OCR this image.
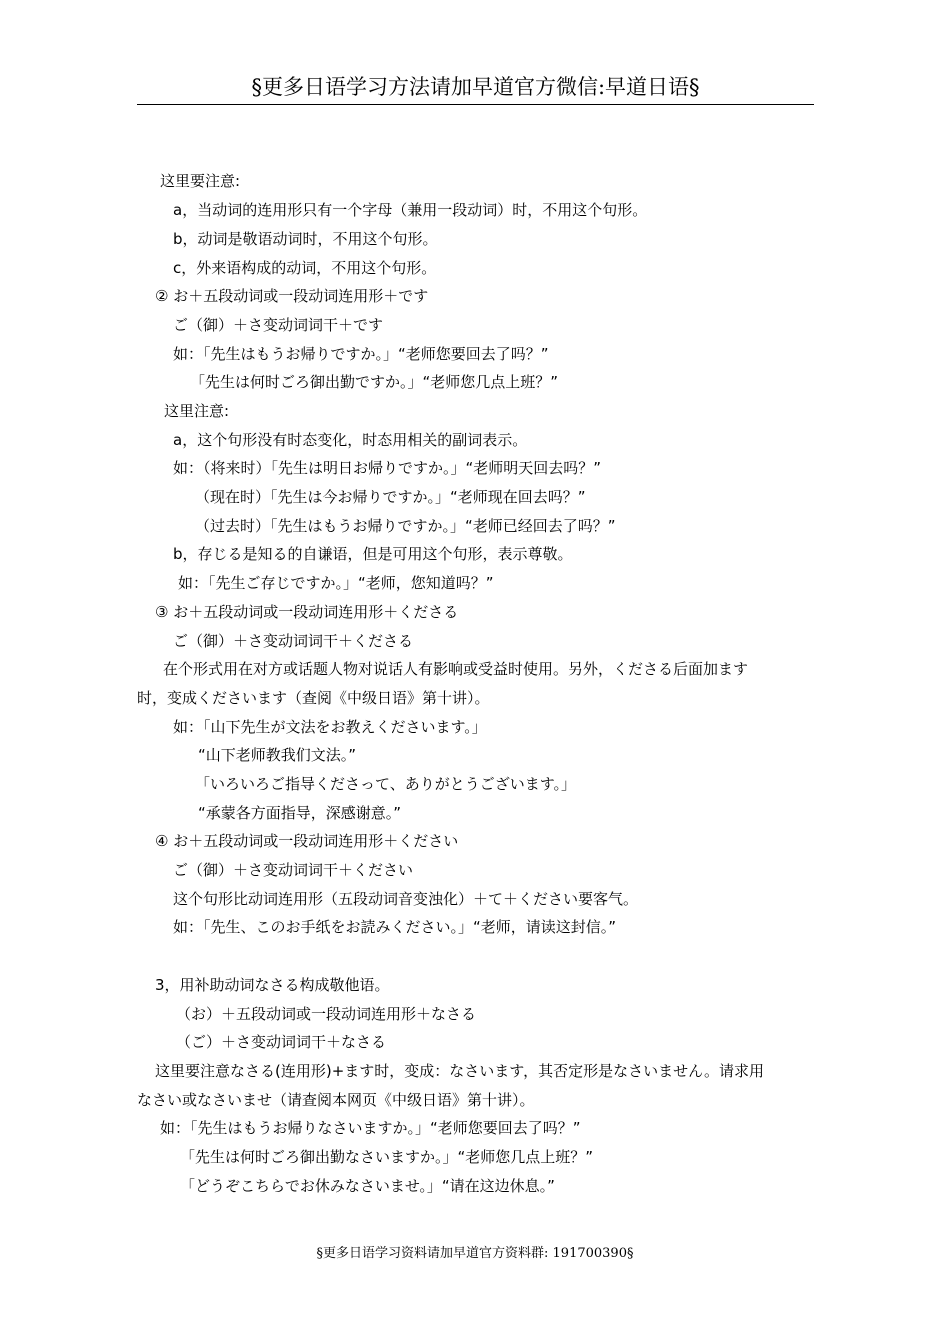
§更多日语学习方法请加早道官方微信:早道日语§
这里要注意:
a，当动词的连用形只有一个字母（兼用一段动词）时，不用这个句形。
b，动词是敬语动词时，不用这个句形。
c，外来语构成的动词，不用这个句形。
② お＋五段动词或一段动词连用形＋です
ご（御）＋さ变动词词干＋です
如：「先生はもうお帰りですか。」“老师您要回去了吗？”
「先生は何时ごろ御出勤ですか。」“老师您几点上班？”
这里注意:
a，这个句形没有时态变化，时态用相关的副词表示。
如：（将来时）「先生は明日お帰りですか。」“老师明天回去吗？”
（现在时）「先生は今お帰りですか。」“老师现在回去吗？”
（过去时）「先生はもうお帰りですか。」“老师已经回去了吗？”
b，存じる是知る的自谦语，但是可用这个句形，表示尊敬。
如：「先生ご存じですか。」“老师，您知道吗？”
③ お＋五段动词或一段动词连用形＋くださる
ご（御）＋さ变动词词干＋くださる
在个形式用在对方或话题人物对说话人有影响或受益时使用。另外，くださる后面加ます
时，变成くださいます（查阅《中级日语》第十讲）。
如：「山下先生が文法をお教えくださいます。」
“山下老师教我们文法。”
「いろいろご指导くださって、ありがとうございます。」
“承蒙各方面指导，深感谢意。”
④ お＋五段动词或一段动词连用形＋ください
ご（御）＋さ变动词词干＋ください
这个句形比动词连用形（五段动词音变浊化）＋て＋ください要客气。
如：「先生、このお手纸をお読みください。」“老师，请读这封信。”
3，用补助动词なさる构成敬他语。
（お）＋五段动词或一段动词连用形＋なさる
（ご）＋さ变动词词干＋なさる
这里要注意なさる(连用形)+ます时，变成：なさいます，其否定形是なさいません。请求用
なさい或なさいませ（请查阅本网页《中级日语》第十讲）。
如：「先生はもうお帰りなさいますか。」“老师您要回去了吗？”
「先生は何时ごろ御出勤なさいますか。」“老师您几点上班？”
「どうぞこちらでお休みなさいませ。」“请在这边休息。”
§更多日语学习资料请加早道官方资料群: 191700390§
